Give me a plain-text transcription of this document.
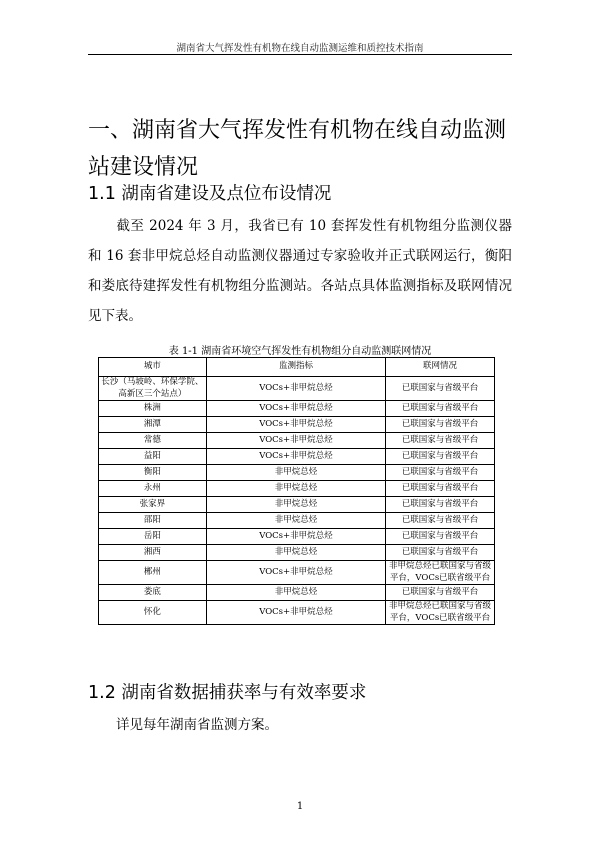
湖南省大气挥发性有机物在线自动监测运维和质控技术指南
一、湖南省大气挥发性有机物在线自动监测站建设情况
1.1 湖南省建设及点位布设情况
截至 2024 年 3 月，我省已有 10 套挥发性有机物组分监测仪器和 16 套非甲烷总烃自动监测仪器通过专家验收并正式联网运行，衡阳和娄底待建挥发性有机物组分监测站。各站点具体监测指标及联网情况见下表。
表 1-1 湖南省环境空气挥发性有机物组分自动监测联网情况
城市	监测指标	联网情况
长沙（马坡岭、环保学院、高新区三个站点）	VOCs+非甲烷总烃	已联国家与省级平台
株洲	VOCs+非甲烷总烃	已联国家与省级平台
湘潭	VOCs+非甲烷总烃	已联国家与省级平台
常德	VOCs+非甲烷总烃	已联国家与省级平台
益阳	VOCs+非甲烷总烃	已联国家与省级平台
衡阳	非甲烷总烃	已联国家与省级平台
永州	非甲烷总烃	已联国家与省级平台
张家界	非甲烷总烃	已联国家与省级平台
邵阳	非甲烷总烃	已联国家与省级平台
岳阳	VOCs+非甲烷总烃	已联国家与省级平台
湘西	非甲烷总烃	已联国家与省级平台
郴州	VOCs+非甲烷总烃	非甲烷总烃已联国家与省级平台，VOCs已联省级平台
娄底	非甲烷总烃	已联国家与省级平台
怀化	VOCs+非甲烷总烃	非甲烷总烃已联国家与省级平台，VOCs已联省级平台
1.2 湖南省数据捕获率与有效率要求
详见每年湖南省监测方案。
1
